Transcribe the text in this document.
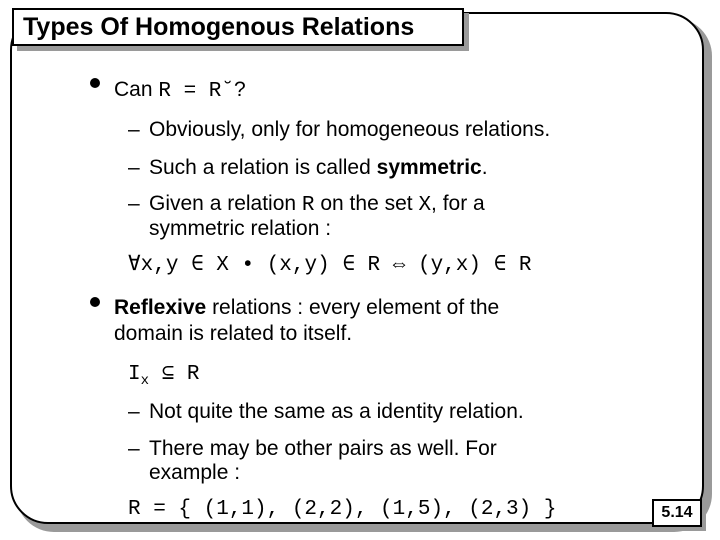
Types Of Homogenous Relations
Can R = R˘?
– Obviously, only for homogeneous relations.
– Such a relation is called symmetric.
– Given a relation R on the set X, for a
symmetric relation :
∀x,y ∈ X • (x,y) ∈ R ⇔ (y,x) ∈ R
Reflexive relations : every element of the
domain is related to itself.
$I_x$ ⊆ R
– Not quite the same as a identity relation.
– There may be other pairs as well. For
example :
R = { (1,1), (2,2), (1,5), (2,3) }	5.14
